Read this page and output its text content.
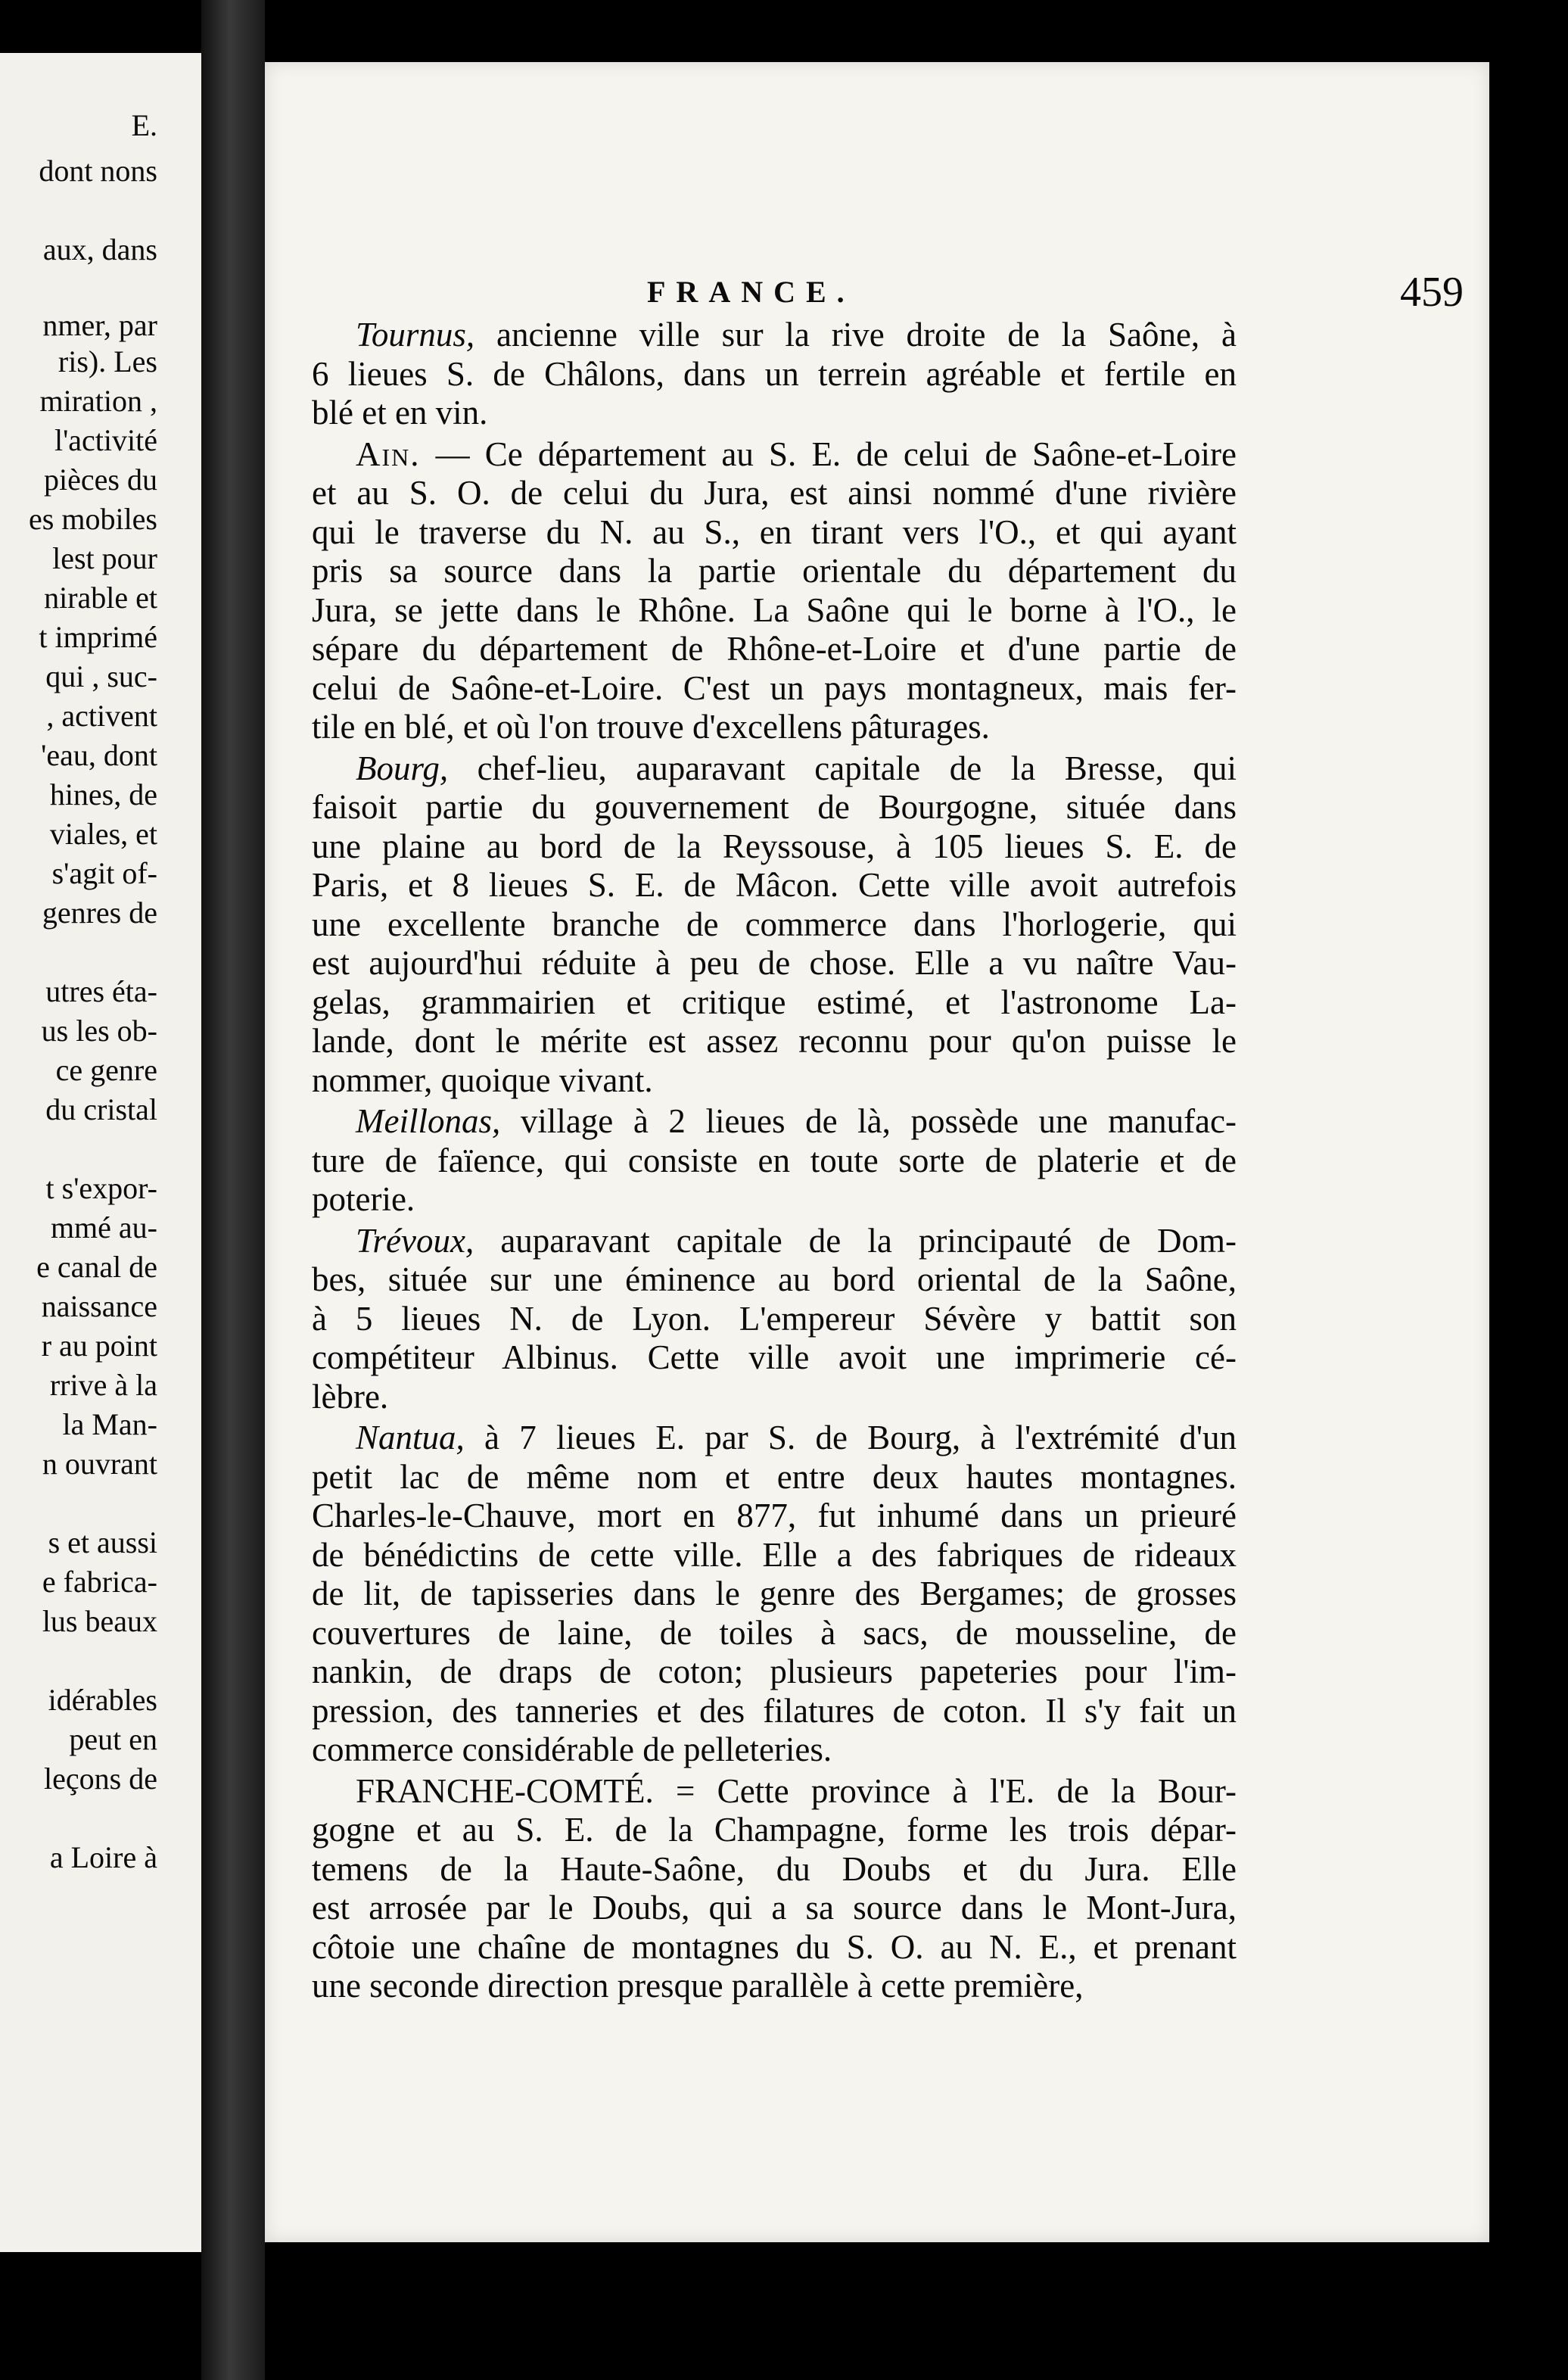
E.
dont nons
aux, dans
nmer, par
ris). Les
miration ,
l'activité
pièces du
es mobiles
lest pour
nirable et
t imprimé
qui , suc-
, activent
'eau, dont
hines, de
viales, et
s'agit of-
genres de
utres éta-
us les ob-
ce genre
du cristal
t s'expor-
mmé au-
e canal de
naissance
r au point
rrive à la
la Man-
n ouvrant
s et aussi
e fabrica-
lus beaux
idérables
peut en
leçons de
a Loire à
FRANCE.	459
Tournus, ancienne ville sur la rive droite de la Saône, à
6 lieues S. de Châlons, dans un terrein agréable et fertile en
blé et en vin.
Ain. — Ce département au S. E. de celui de Saône-et-Loire
et au S. O. de celui du Jura, est ainsi nommé d'une rivière
qui le traverse du N. au S., en tirant vers l'O., et qui ayant
pris sa source dans la partie orientale du département du
Jura, se jette dans le Rhône. La Saône qui le borne à l'O., le
sépare du département de Rhône-et-Loire et d'une partie de
celui de Saône-et-Loire. C'est un pays montagneux, mais fer-
tile en blé, et où l'on trouve d'excellens pâturages.
Bourg, chef-lieu, auparavant capitale de la Bresse, qui
faisoit partie du gouvernement de Bourgogne, située dans
une plaine au bord de la Reyssouse, à 105 lieues S. E. de
Paris, et 8 lieues S. E. de Mâcon. Cette ville avoit autrefois
une excellente branche de commerce dans l'horlogerie, qui
est aujourd'hui réduite à peu de chose. Elle a vu naître Vau-
gelas, grammairien et critique estimé, et l'astronome La-
lande, dont le mérite est assez reconnu pour qu'on puisse le
nommer, quoique vivant.
Meillonas, village à 2 lieues de là, possède une manufac-
ture de faïence, qui consiste en toute sorte de platerie et de
poterie.
Trévoux, auparavant capitale de la principauté de Dom-
bes, située sur une éminence au bord oriental de la Saône,
à 5 lieues N. de Lyon. L'empereur Sévère y battit son
compétiteur Albinus. Cette ville avoit une imprimerie cé-
lèbre.
Nantua, à 7 lieues E. par S. de Bourg, à l'extrémité d'un
petit lac de même nom et entre deux hautes montagnes.
Charles-le-Chauve, mort en 877, fut inhumé dans un prieuré
de bénédictins de cette ville. Elle a des fabriques de rideaux
de lit, de tapisseries dans le genre des Bergames; de grosses
couvertures de laine, de toiles à sacs, de mousseline, de
nankin, de draps de coton; plusieurs papeteries pour l'im-
pression, des tanneries et des filatures de coton. Il s'y fait un
commerce considérable de pelleteries.
FRANCHE-COMTÉ. = Cette province à l'E. de la Bour-
gogne et au S. E. de la Champagne, forme les trois dépar-
temens de la Haute-Saône, du Doubs et du Jura. Elle
est arrosée par le Doubs, qui a sa source dans le Mont-Jura,
côtoie une chaîne de montagnes du S. O. au N. E., et prenant
une seconde direction presque parallèle à cette première,
